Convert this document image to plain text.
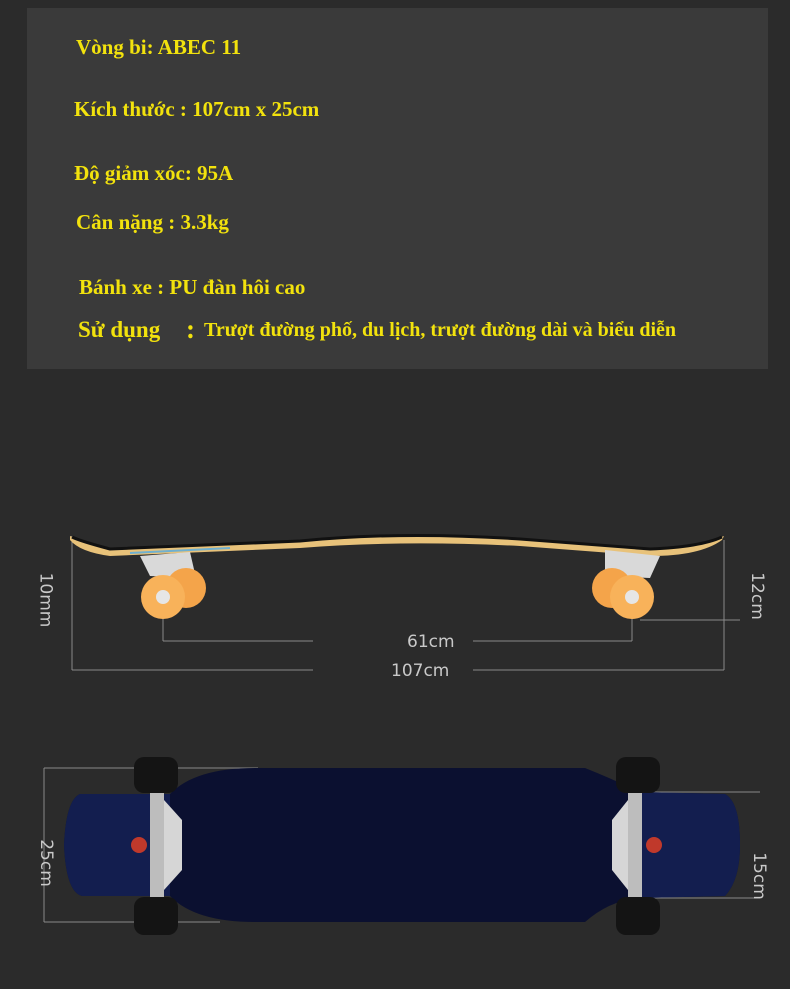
Vòng bi: ABEC 11
Kích thước : 107cm x 25cm
Độ giảm xóc: 95A
Cân nặng : 3.3kg
Bánh xe : PU đàn hôi cao
Sử dụng : Trượt đường phố, du lịch, trượt đường dài và biểu diễn
10mm	12cm
61cm
107cm
25cm	15cm
